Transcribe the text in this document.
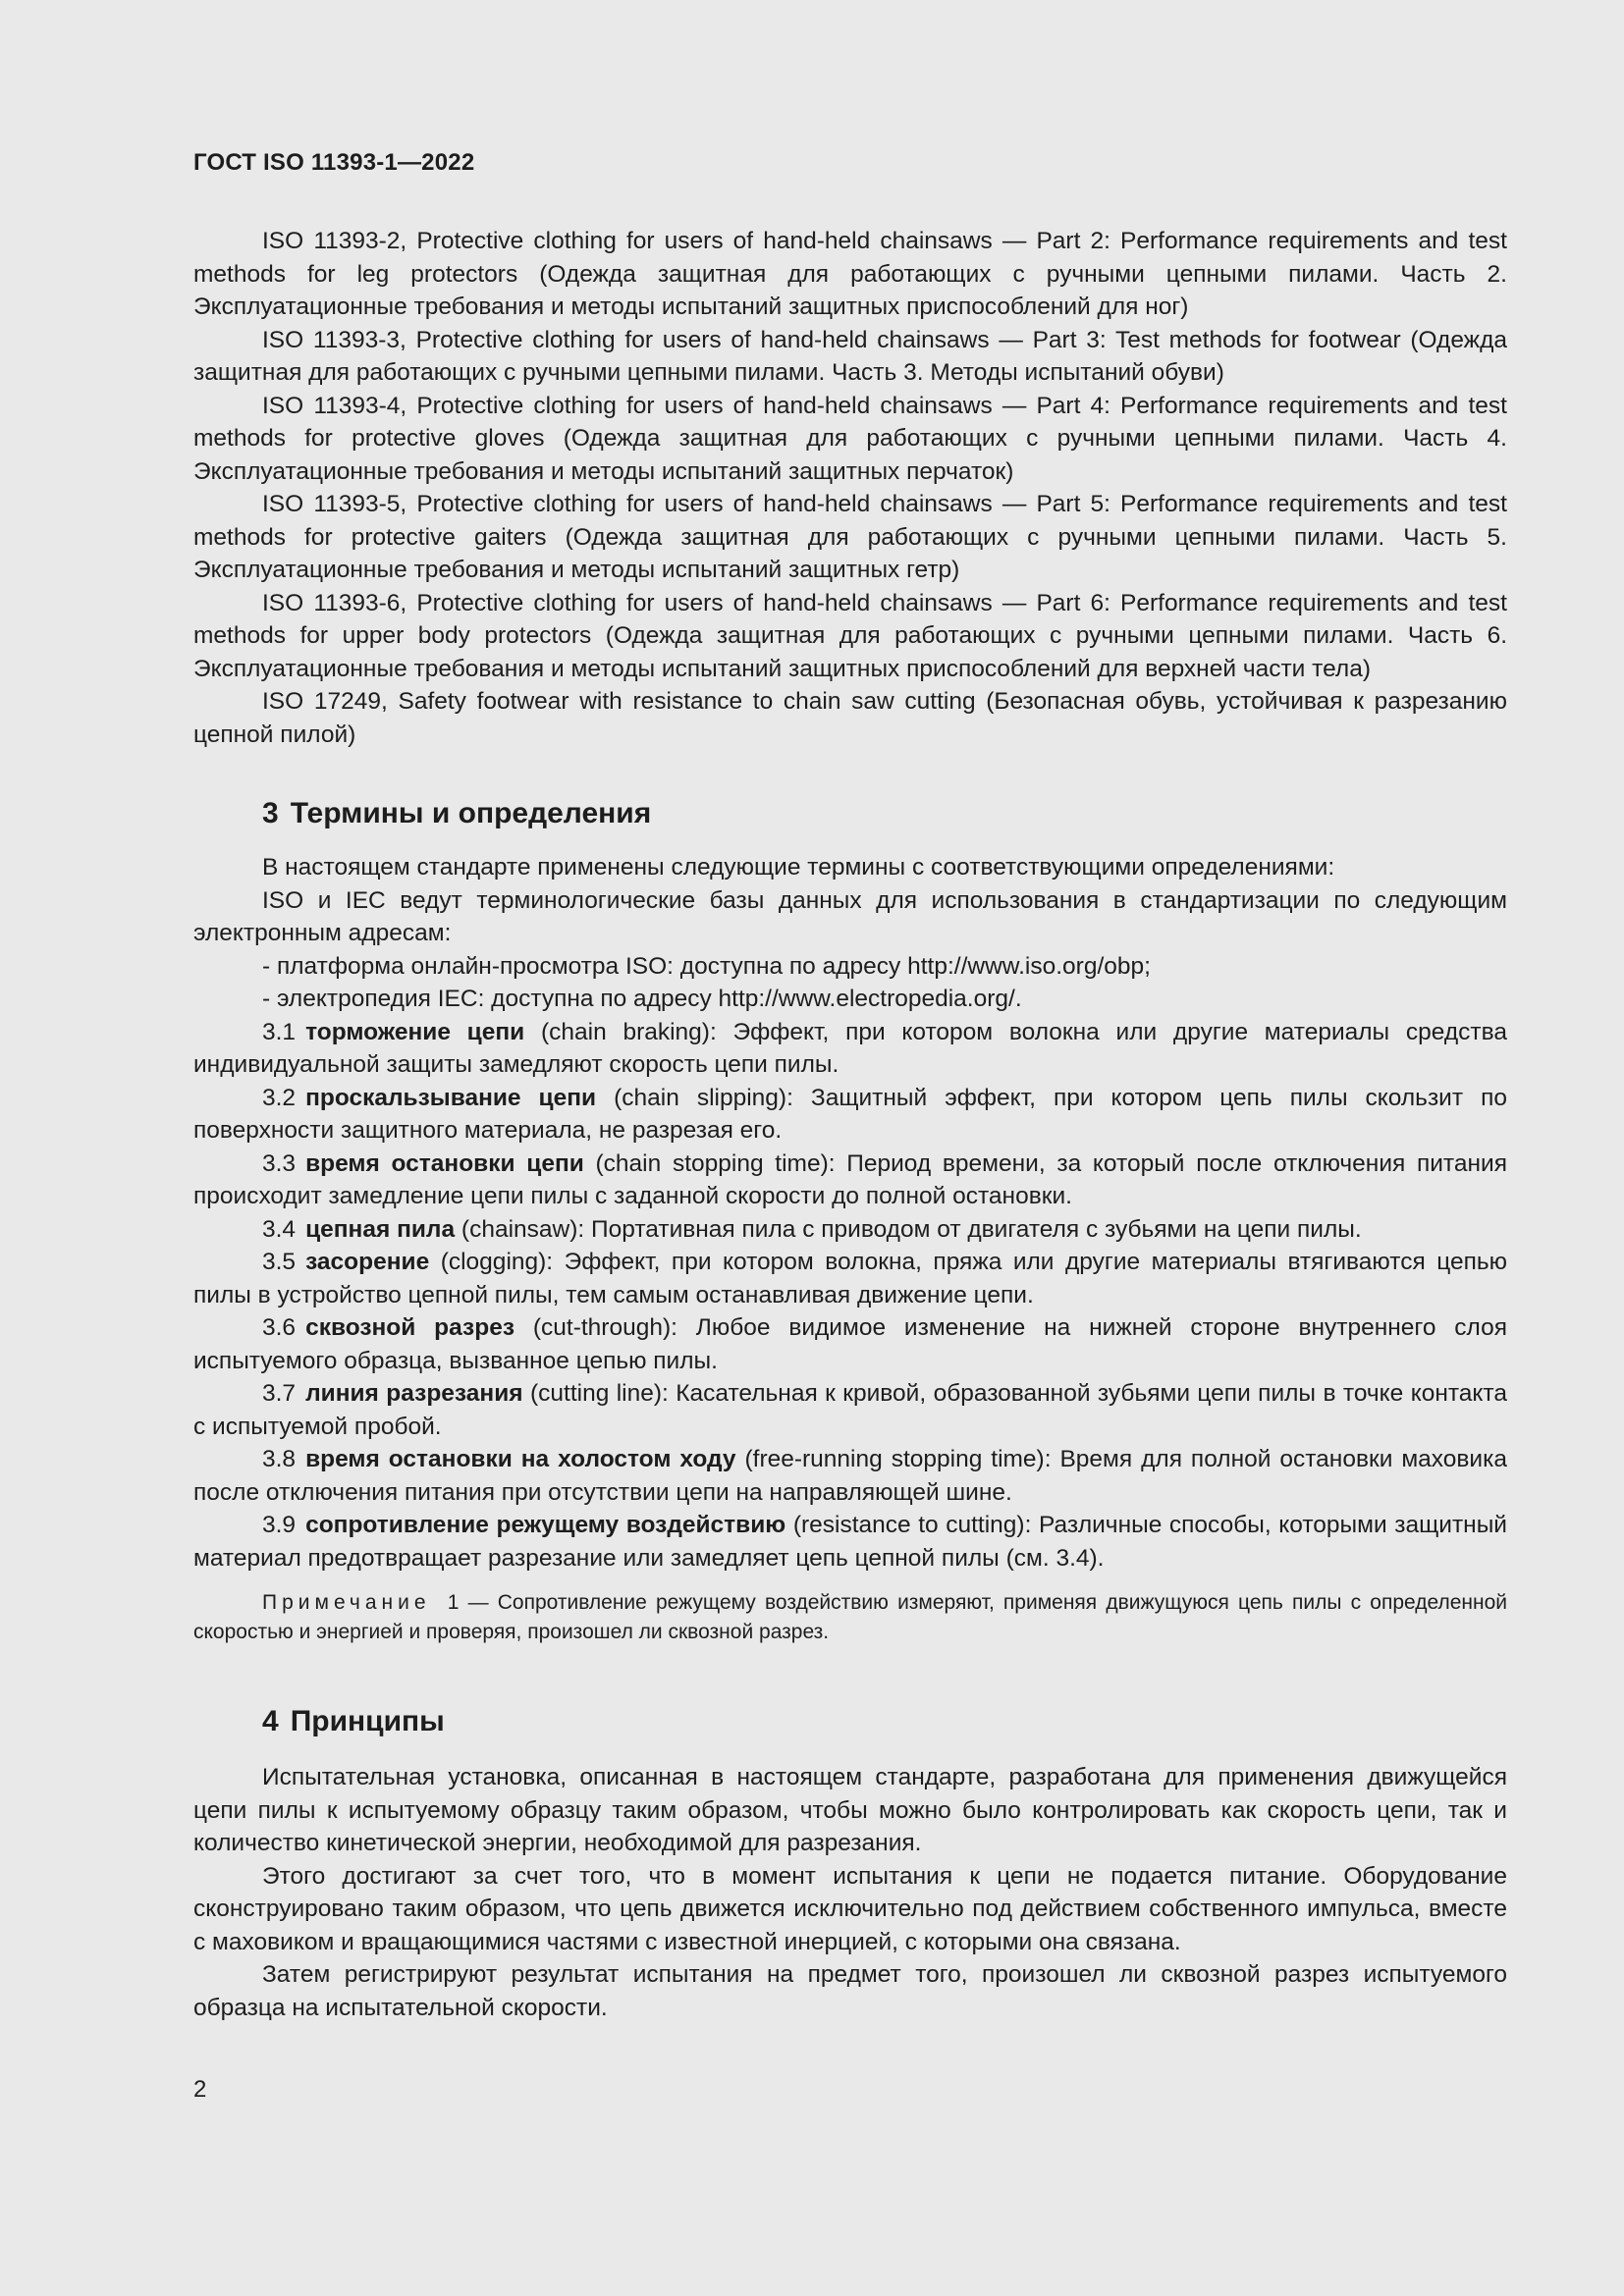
ГОСТ ISO 11393-1—2022

ISO 11393-2, Protective clothing for users of hand-held chainsaws — Part 2: Performance requirements and test methods for leg protectors (Одежда защитная для работающих с ручными цепными пилами. Часть 2. Эксплуатационные требования и методы испытаний защитных приспособлений для ног)

ISO 11393-3, Protective clothing for users of hand-held chainsaws — Part 3: Test methods for footwear (Одежда защитная для работающих с ручными цепными пилами. Часть 3. Методы испытаний обуви)

ISO 11393-4, Protective clothing for users of hand-held chainsaws — Part 4: Performance requirements and test methods for protective gloves (Одежда защитная для работающих с ручными цепными пилами. Часть 4. Эксплуатационные требования и методы испытаний защитных перчаток)

ISO 11393-5, Protective clothing for users of hand-held chainsaws — Part 5: Performance requirements and test methods for protective gaiters (Одежда защитная для работающих с ручными цепными пилами. Часть 5. Эксплуатационные требования и методы испытаний защитных гетр)

ISO 11393-6, Protective clothing for users of hand-held chainsaws — Part 6: Performance requirements and test methods for upper body protectors (Одежда защитная для работающих с ручными цепными пилами. Часть 6. Эксплуатационные требования и методы испытаний защитных приспособлений для верхней части тела)

ISO 17249, Safety footwear with resistance to chain saw cutting (Безопасная обувь, устойчивая к разрезанию цепной пилой)

3 Термины и определения

В настоящем стандарте применены следующие термины с соответствующими определениями:

ISO и IEC ведут терминологические базы данных для использования в стандартизации по следующим электронным адресам:

- платформа онлайн-просмотра ISO: доступна по адресу http://www.iso.org/obp;

- электропедия IEC: доступна по адресу http://www.electropedia.org/.

3.1 торможение цепи (chain braking): Эффект, при котором волокна или другие материалы средства индивидуальной защиты замедляют скорость цепи пилы.

3.2 проскальзывание цепи (chain slipping): Защитный эффект, при котором цепь пилы скользит по поверхности защитного материала, не разрезая его.

3.3 время остановки цепи (chain stopping time): Период времени, за который после отключения питания происходит замедление цепи пилы с заданной скорости до полной остановки.

3.4 цепная пила (chainsaw): Портативная пила с приводом от двигателя с зубьями на цепи пилы.

3.5 засорение (clogging): Эффект, при котором волокна, пряжа или другие материалы втягиваются цепью пилы в устройство цепной пилы, тем самым останавливая движение цепи.

3.6 сквозной разрез (cut-through): Любое видимое изменение на нижней стороне внутреннего слоя испытуемого образца, вызванное цепью пилы.

3.7 линия разрезания (cutting line): Касательная к кривой, образованной зубьями цепи пилы в точке контакта с испытуемой пробой.

3.8 время остановки на холостом ходу (free-running stopping time): Время для полной остановки маховика после отключения питания при отсутствии цепи на направляющей шине.

3.9 сопротивление режущему воздействию (resistance to cutting): Различные способы, которыми защитный материал предотвращает разрезание или замедляет цепь цепной пилы (см. 3.4).

Примечание 1 — Сопротивление режущему воздействию измеряют, применяя движущуюся цепь пилы с определенной скоростью и энергией и проверяя, произошел ли сквозной разрез.
4 Принципы

Испытательная установка, описанная в настоящем стандарте, разработана для применения движущейся цепи пилы к испытуемому образцу таким образом, чтобы можно было контролировать как скорость цепи, так и количество кинетической энергии, необходимой для разрезания.

Этого достигают за счет того, что в момент испытания к цепи не подается питание. Оборудование сконструировано таким образом, что цепь движется исключительно под действием собственного импульса, вместе с маховиком и вращающимися частями с известной инерцией, с которыми она связана.

Затем регистрируют результат испытания на предмет того, произошел ли сквозной разрез испытуемого образца на испытательной скорости.

2
